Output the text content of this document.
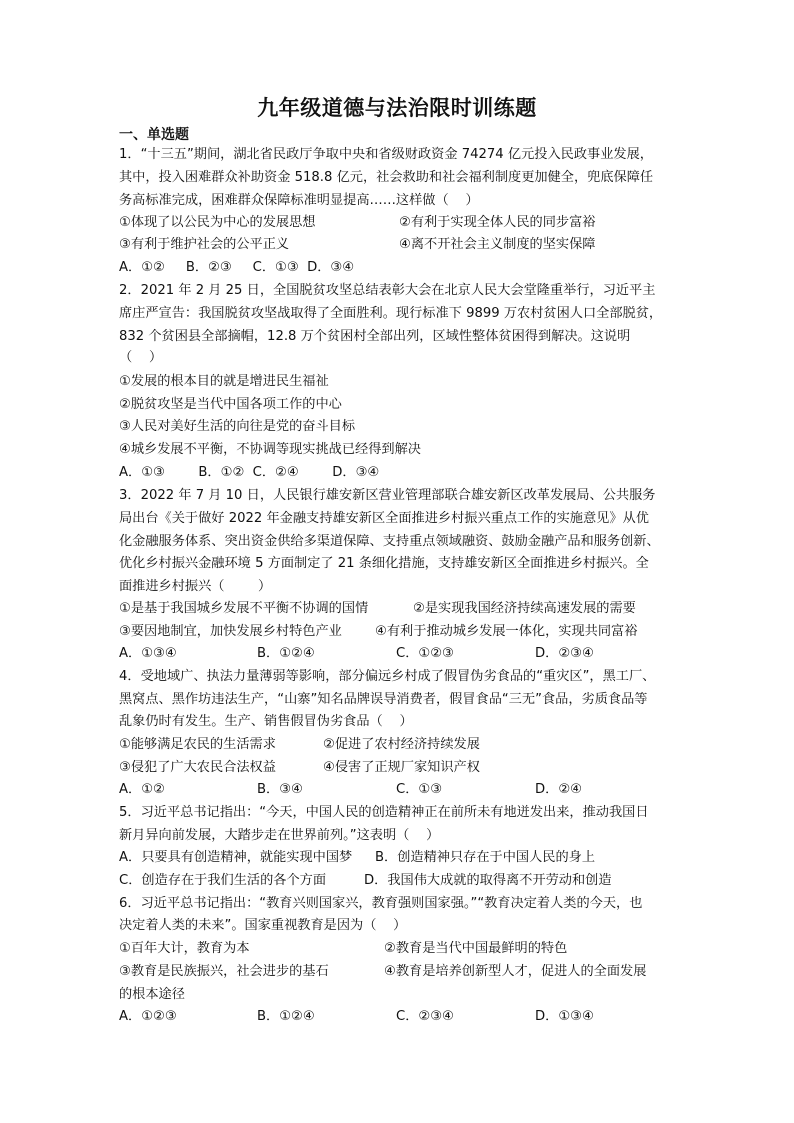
九年级道德与法治限时训练题
一、单选题
1．“十三五”期间，湖北省民政厅争取中央和省级财政资金 74274 亿元投入民政事业发展，
其中，投入困难群众补助资金 518.8 亿元，社会救助和社会福利制度更加健全，兜底保障任
务高标准完成，困难群众保障标准明显提高……这样做（    ）
①体现了以公民为中心的发展思想	②有利于实现全体人民的同步富裕
③有利于维护社会的公平正义	④离不开社会主义制度的坚实保障
A．①②     B．②③     C．①③  D．③④
2．2021 年 2 月 25 日，全国脱贫攻坚总结表彰大会在北京人民大会堂隆重举行，习近平主
席庄严宣告：我国脱贫攻坚战取得了全面胜利。现行标准下 9899 万农村贫困人口全部脱贫，
832 个贫困县全部摘帽，12.8 万个贫困村全部出列，区域性整体贫困得到解决。这说明
（    ）
①发展的根本目的就是增进民生福祉
②脱贫攻坚是当代中国各项工作的中心
③人民对美好生活的向往是党的奋斗目标
④城乡发展不平衡，不协调等现实挑战已经得到解决
A．①③        B．①②  C．②④        D．③④
3．2022 年 7 月 10 日，人民银行雄安新区营业管理部联合雄安新区改革发展局、公共服务
局出台《关于做好 2022 年金融支持雄安新区全面推进乡村振兴重点工作的实施意见》从优
化金融服务体系、突出资金供给多渠道保障、支持重点领域融资、鼓励金融产品和服务创新、
优化乡村振兴金融环境 5 方面制定了 21 条细化措施，支持雄安新区全面推进乡村振兴。全
面推进乡村振兴（        ）
①是基于我国城乡发展不平衡不协调的国情	②是实现我国经济持续高速发展的需要
③要因地制宜，加快发展乡村特色产业	④有利于推动城乡发展一体化，实现共同富裕
A．①③④	B．①②④	C．①②③	D．②③④
4．受地域广、执法力量薄弱等影响，部分偏远乡村成了假冒伪劣食品的“重灾区”，黑工厂、
黑窝点、黑作坊违法生产，“山寨”知名品牌误导消费者，假冒食品“三无”食品，劣质食品等
乱象仍时有发生。生产、销售假冒伪劣食品（    ）
①能够满足农民的生活需求	②促进了农村经济持续发展
③侵犯了广大农民合法权益	④侵害了正规厂家知识产权
A．①②	B．③④	C．①③	D．②④
5．习近平总书记指出：“今天，中国人民的创造精神正在前所未有地迸发出来，推动我国日
新月异向前发展，大踏步走在世界前列。”这表明（    ）
A．只要具有创造精神，就能实现中国梦 B．创造精神只存在于中国人民的身上
C．创造存在于我们生活的各个方面	D．我国伟大成就的取得离不开劳动和创造
6．习近平总书记指出：“教育兴则国家兴，教育强则国家强。”“教育决定着人类的今天，也
决定着人类的未来”。国家重视教育是因为（    ）
①百年大计，教育为本	②教育是当代中国最鲜明的特色
③教育是民族振兴，社会进步的基石	④教育是培养创新型人才，促进人的全面发展
的根本途径
A．①②③	B．①②④	C．②③④	D．①③④
